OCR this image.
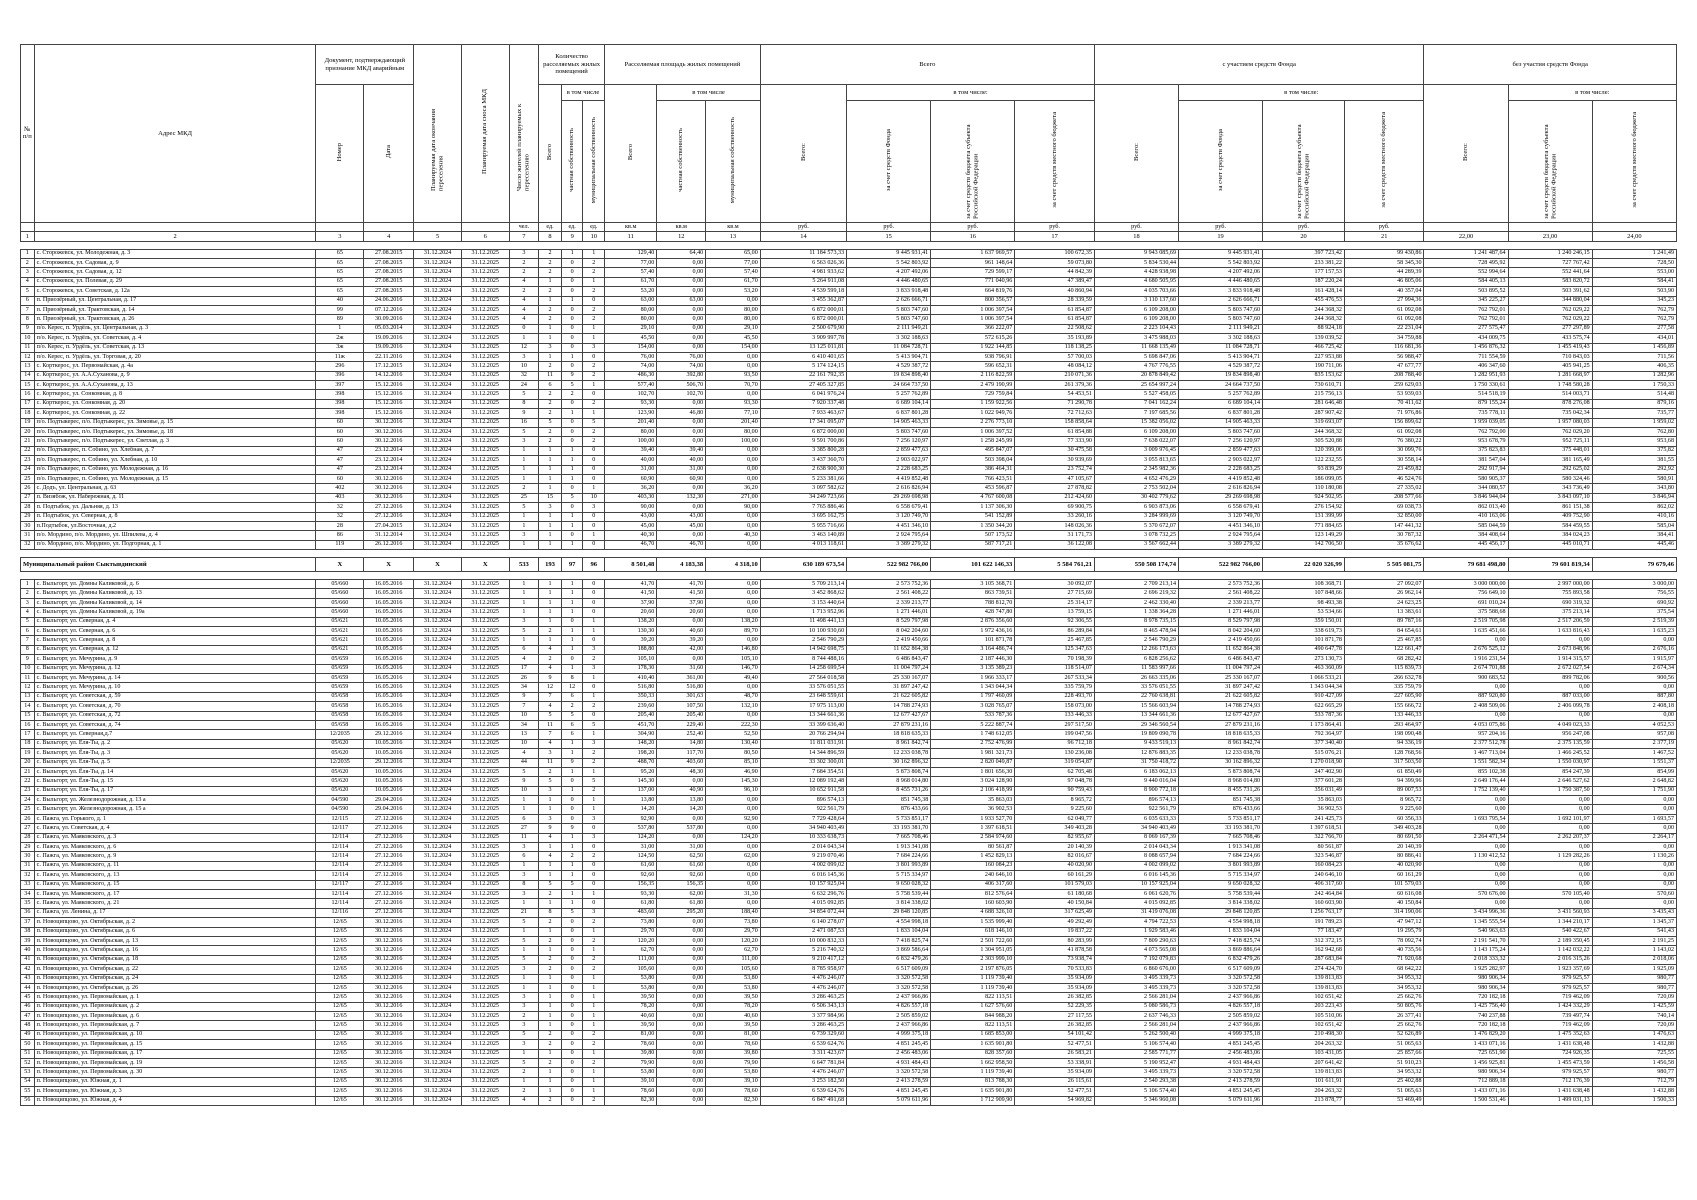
№ п/п	Адрес МКД	Документ, подтверждающий признание МКД аварийным		Планируемая дата окончания переселения	Планируемая дата сноса МКД	Число жителей планируемых к переселению	Количество расселяемых жилых помещений			Расселяемая площадь жилых помещений			Всего				с участием средств Фонда				без участия средств Фонда		
		Номер	Дата				Всего	в том числе		Всего	в том числе		Всего:	в том числе:			Всего:	в том числе:			Всего:	в том числе:	
								частная собственность	муниципальная собственность		частная собственность	муниципальная собственность		за счет средств Фонда	за счет средств бюджета субъекта Российской Федерации	за счет средств местного бюджета		за счет средств Фонда	за счет средств бюджета субъекта Российской Федерации	за счет средств местного бюджета		за счет средств бюджета субъекта Российской Федерации	за счет средств местного бюджета
						чел.	ед.	ед.	ед.	кв.м	кв.м	кв.м	руб.	руб.	руб.	руб.	руб.	руб.	руб.	руб.			
1	2	3	4	5	6	7	8	9	10	11	12	13	14	15	16	17	18	19	20	21	22,00	23,00	24,00

1	с. Сторожевск, ул. Молодежная, д. 3	65	27.08.2015	31.12.2024	31.12.2025	3	2	1	1	129,40	64,40	65,00	11 184 573,33	9 445 931,41	1 637 969,57	100 672,35	9 943 085,69	9 445 931,41	397 723,42	99 430,86	1 241 487,64	1 240 246,15	1 241,49
2	с. Сторожевск, ул. Садовая, д. 9	65	27.08.2015	31.12.2024	31.12.2025	2	2	0	2	77,00	0,00	77,00	6 563 026,36	5 542 803,92	961 148,64	59 073,80	5 834 530,44	5 542 803,92	233 381,22	58 345,30	728 495,92	727 767,42	728,50
3	с. Сторожевск, ул. Садовая, д. 12	65	27.08.2015	31.12.2024	31.12.2025	2	2	0	2	57,40	0,00	57,40	4 981 933,62	4 207 492,06	729 599,17	44 842,39	4 428 938,98	4 207 492,06	177 157,53	44 289,39	552 994,64	552 441,64	553,00
4	с. Сторожевск, ул. Полевая, д. 29	65	27.08.2015	31.12.2024	31.12.2025	4	1	0	1	61,70	0,00	61,70	5 264 911,08	4 446 480,65	771 040,96	47 389,47	4 680 505,95	4 446 480,65	187 220,24	46 805,06	584 405,13	583 820,72	584,41
5	с. Сторожевск, ул. Советская, д. 12а	65	27.08.2015	31.12.2024	31.12.2025	2	2	0	2	53,20	0,00	53,20	4 539 599,18	3 833 918,48	664 819,76	40 860,94	4 035 703,66	3 833 918,48	161 428,14	40 357,04	503 895,52	503 391,62	503,90
6	п. Приозёрный, ул. Центральная, д. 17	40	24.06.2016	31.12.2024	31.12.2025	4	1	1	0	63,00	63,00	0,00	3 455 362,87	2 626 666,71	800 356,57	28 339,59	3 110 137,60	2 626 666,71	455 476,53	27 994,36	345 225,27	344 880,04	345,23
7	п. Приозёрный, ул. Трактовская, д. 14	99	07.12.2016	31.12.2024	31.12.2025	4	2	0	2	80,00	0,00	80,00	6 872 000,01	5 803 747,60	1 006 397,54	61 854,87	6 109 208,00	5 803 747,60	244 368,32	61 092,08	762 792,01	762 029,22	762,79
8	п. Приозёрный, ул. Трактовская, д. 26	89	30.09.2016	31.12.2024	31.12.2025	4	2	0	2	80,00	0,00	80,00	6 872 000,01	5 803 747,60	1 006 397,54	61 854,87	6 109 208,00	5 803 747,60	244 368,32	61 092,08	762 792,01	762 029,22	762,79
9	п/о. Керес, п. Урдёль, ул. Центральная, д. 3	1	05.03.2014	31.12.2024	31.12.2025	0	1	0	1	29,10	0,00	29,10	2 500 679,90	2 111 949,21	366 222,07	22 508,62	2 223 104,43	2 111 949,21	88 924,18	22 231,04	277 575,47	277 297,89	277,58
10	п/о. Керес, п. Урдёль, ул. Советская, д. 4	2ж	19.09.2016	31.12.2024	31.12.2025	1	1	0	1	45,50	0,00	45,50	3 909 997,78	3 302 188,63	572 615,26	35 193,89	3 475 988,03	3 302 188,63	139 039,52	34 759,88	434 009,75	433 575,74	434,01
11	п/о. Керес, п. Урдёль, ул. Советская, д. 13	3ж	19.09.2016	31.12.2024	31.12.2025	12	3	0	3	154,00	0,00	154,00	13 125 011,81	11 084 728,71	1 922 144,85	118 138,25	11 668 135,49	11 084 728,71	466 725,42	116 681,36	1 456 876,32	1 455 419,43	1 456,89
12	п/о. Керес, п. Урдёль, ул. Торговая, д. 20	11ж	22.11.2016	31.12.2024	31.12.2025	3	1	1	0	76,00	76,00	0,00	6 410 401,65	5 413 904,71	938 796,91	57 700,03	5 698 847,06	5 413 904,71	227 953,88	56 988,47	711 554,59	710 843,03	711,56
13	с. Корткерос, ул. Первомайская, д. 4а	296	17.12.2015	31.12.2024	31.12.2025	10	2	0	2	74,00	74,00	0,00	5 174 124,15	4 529 387,72	596 652,31	48 084,12	4 767 776,55	4 529 387,72	190 711,06	47 677,77	406 347,60	405 941,25	406,35
14	с. Корткерос, ул. А.А.Суханова, д. 9	396	14.12.2016	31.12.2024	31.12.2025	32	11	9	2	486,30	392,80	93,50	22 161 792,35	19 834 898,40	2 116 822,59	210 071,36	20 878 849,42	19 834 898,40	835 153,62	208 788,40	1 282 951,93	1 281 668,97	1 282,96
15	с. Корткерос, ул. А.А.Суханова, д. 13	397	15.12.2016	31.12.2024	31.12.2025	24	6	5	1	577,40	506,70	70,70	27 405 327,85	24 664 737,50	2 479 190,99	261 379,36	25 654 997,24	24 664 737,50	730 610,71	259 629,03	1 750 330,61	1 748 580,28	1 750,33
16	с. Корткерос, ул. Сонкомная, д. 8	398	15.12.2016	31.12.2024	31.12.2025	5	2	2	0	102,70	102,70	0,00	6 041 976,24	5 257 762,89	729 759,84	54 453,51	5 527 458,05	5 257 762,89	215 756,13	53 939,03	514 518,19	514 003,71	514,48
17	с. Корткерос, ул. Сонкомная, д. 20	398	15.12.2016	31.12.2024	31.12.2025	8	2	0	2	93,30	0,00	93,30	7 920 337,48	6 689 104,14	1 159 922,56	71 290,78	7 041 162,24	6 689 104,14	281 646,48	70 411,62	879 155,24	878 276,08	879,16
18	с. Корткерос, ул. Сонкомная, д. 22	398	15.12.2016	31.12.2024	31.12.2025	9	2	1	1	123,90	46,80	77,10	7 933 463,67	6 837 801,28	1 022 949,76	72 712,63	7 197 685,56	6 837 801,28	287 907,42	71 976,86	735 778,11	735 042,34	735,77
19	п/о. Подтыкерес, п/о. Подтыкерес, ул. Зимовье, д. 15	60	30.12.2016	31.12.2024	31.12.2025	16	5	0	5	201,40	0,00	201,40	17 341 095,07	14 905 463,33	2 276 773,10	158 858,64	15 382 056,02	14 905 463,33	319 693,07	156 899,62	1 959 039,05	1 957 080,03	1 959,02
20	п/о. Подтыкерес, п/о. Подтыкерес, ул. Зимовье, д. 18	60	30.12.2016	31.12.2024	31.12.2025	5	2	0	2	80,00	0,00	80,00	6 872 000,00	5 803 747,60	1 006 397,52	61 854,88	6 109 208,00	5 803 747,60	244 368,32	61 092,08	762 792,00	762 029,20	762,80
21	п/о. Подтыкерес, п/о. Подтыкерес, ул. Светлая, д. 3	60	30.12.2016	31.12.2024	31.12.2025	3	2	0	2	100,00	0,00	100,00	9 591 700,86	7 256 120,97	1 258 245,99	77 333,90	7 638 022,07	7 256 120,97	305 520,88	76 380,22	953 678,79	952 725,11	953,68
22	п/о. Подтыкерес, п. Собино, ул. Хлебная, д. 7	47	23.12.2014	31.12.2024	31.12.2025	1	1	1	0	39,40	39,40	0,00	3 385 800,28	2 859 477,63	495 847,07	30 475,58	3 009 976,45	2 859 477,63	120 399,06	30 099,76	375 823,83	375 448,01	375,82
23	п/о. Подтыкерес, п. Собино, ул. Хлебная, д. 10	47	23.12.2014	31.12.2024	31.12.2025	1	1	1	0	40,00	40,00	0,00	3 437 360,70	2 903 022,97	503 398,04	30 939,69	3 055 813,65	2 903 022,97	122 232,55	30 558,14	381 547,04	381 165,49	381,55
24	п/о. Подтыкерес, п. Собино, ул. Молодежная, д. 16	47	23.12.2014	31.12.2024	31.12.2025	1	1	1	0	31,00	31,00	0,00	2 638 900,30	2 228 683,25	386 464,31	23 752,74	2 345 982,36	2 228 683,25	93 839,29	23 459,82	292 917,94	292 625,02	292,92
25	п/о. Подтыкерес, п. Собино, ул. Молодежная, д. 15	60	30.12.2016	31.12.2024	31.12.2025	1	1	1	0	60,90	60,90	0,00	5 233 381,66	4 419 852,48	766 423,51	47 105,67	4 652 476,29	4 419 852,48	186 099,05	46 524,76	580 905,37	580 324,46	580,91
26	с. Додъ, ул. Центральная, д. 63	402	30.12.2016	31.12.2024	31.12.2025	2	1	0	1	36,20	0,00	36,20	3 097 582,62	2 616 826,94	453 596,87	27 878,82	2 753 502,04	2 616 826,94	110 180,08	27 335,02	344 080,57	343 736,49	343,80
27	п. Визябож, ул. Набережная, д. 11	403	30.12.2016	31.12.2024	31.12.2025	25	15	5	10	403,30	132,30	271,00	34 249 723,66	29 269 698,98	4 767 600,08	212 424,60	30 402 779,62	29 269 698,98	924 502,95	208 577,66	3 846 944,04	3 843 097,10	3 846,94
28	п. Подтыбок, ул. Дальняя, д. 13	32	27.12.2016	31.12.2024	31.12.2025	5	3	0	3	90,00	0,00	90,00	7 765 886,46	6 558 679,41	1 137 306,30	69 900,75	6 903 873,06	6 558 679,41	276 154,92	69 038,73	862 013,40	861 151,38	862,02
29	п. Подтыбок, ул. Северная, д. 8	32	27.12.2016	31.12.2024	31.12.2025	1	1	1	0	43,00	43,00	0,00	3 695 162,75	3 120 749,70	541 152,89	33 260,16	3 284 999,69	3 120 749,70	131 399,99	32 850,00	410 163,06	409 752,90	410,16
30	п.Подтыбок, ул.Восточная, д.2	28	27.04.2015	31.12.2024	31.12.2025	1	1	1	0	45,00	45,00	0,00	5 955 716,66	4 451 346,10	1 350 344,20	148 026,36	5 370 672,07	4 451 346,10	771 884,65	147 441,32	585 044,59	584 459,55	585,04
31	п/о. Мордино, п/о. Мордино, ул. Шпилева, д. 4	86	31.12.2014	31.12.2024	31.12.2025	3	1	0	1	40,30	0,00	40,30	3 463 140,89	2 924 795,64	507 173,52	31 171,73	3 078 732,25	2 924 795,64	123 149,29	30 787,32	384 408,64	384 024,23	384,41
32	п/о. Мордино, п/о. Мордино, ул. Подгорная, д. 1	119	26.12.2016	31.12.2024	31.12.2025	1	1	1	0	46,70	46,70	0,00	4 013 118,61	3 389 279,32	587 717,21	36 122,08	3 567 662,44	3 389 279,32	142 706,50	35 676,62	445 456,17	445 010,71	445,46

Муниципальный район Сыктывдинский		X	X	X	X	533	193	97	96	8 501,48	4 183,38	4 318,10	630 189 673,54	522 982 766,00	101 622 146,33	5 584 761,21	550 508 174,74	522 982 766,00	22 020 326,99	5 505 081,75	79 681 498,80	79 601 819,34	79 679,46

1	с. Выльгорт, ул. Домны Каликовой, д. 6	05/660	16.05.2016	31.12.2024	31.12.2025	1	1	1	0	41,70	41,70	0,00	5 709 213,14	2 573 752,36	3 105 368,71	30 092,07	2 709 213,14	2 573 752,36	108 368,71	27 092,07	3 000 000,00	2 997 000,00	3 000,00
2	с. Выльгорт, ул. Домны Каликовой, д. 13	05/660	16.05.2016	31.12.2024	31.12.2025	1	1	1	0	41,50	41,50	0,00	3 452 868,62	2 561 408,22	863 739,51	27 715,69	2 696 219,32	2 561 408,22	107 848,66	26 962,14	756 649,10	755 893,58	756,55
3	с. Выльгорт, ул. Домны Каликовой, д. 14	05/660	16.05.2016	31.12.2024	31.12.2025	1	1	1	0	37,90	37,90	0,00	3 153 440,64	2 339 213,77	788 812,70	25 314,17	2 462 330,40	2 339 213,77	98 493,38	24 623,25	691 010,24	690 319,32	690,92
4	с. Выльгорт, ул. Домны Каликовой, д. 19а	05/660	16.05.2016	31.12.2024	31.12.2025	1	1	1	0	20,60	20,60	0,00	1 713 952,96	1 271 446,01	428 747,80	13 759,15	1 338 364,28	1 271 446,01	53 534,66	13 383,61	375 588,68	375 213,14	375,54
5	с. Выльгорт, ул. Северная, д. 4	05/621	10.05.2016	31.12.2024	31.12.2025	3	1	0	1	138,20	0,00	138,20	11 498 441,13	8 529 797,98	2 876 356,60	92 306,55	8 978 735,15	8 529 797,98	359 150,01	89 787,16	2 519 705,98	2 517 206,59	2 519,39
6	с. Выльгорт, ул. Северная, д. 6	05/621	10.05.2016	31.12.2024	31.12.2025	5	2	1	1	130,30	40,60	89,70	10 100 930,60	8 042 204,60	1 972 436,16	86 289,84	8 465 478,94	8 042 204,60	338 619,73	84 654,61	1 635 451,66	1 633 816,43	1 635,23
7	с. Выльгорт, ул. Северная, д. 8	05/621	10.05.2016	31.12.2024	31.12.2025	1	1	1	0	39,20	39,20	0,00	2 546 790,29	2 419 450,66	101 871,78	25 467,85	2 546 790,29	2 419 450,66	101 871,78	25 467,85	0,00	0,00	0,00
8	с. Выльгорт, ул. Северная, д. 12	05/621	10.05.2016	31.12.2024	31.12.2025	6	4	1	3	188,80	42,00	146,80	14 942 698,75	11 652 864,38	3 164 486,74	125 347,63	12 266 173,63	11 652 864,38	490 647,78	122 661,47	2 676 525,12	2 673 848,96	2 676,16
9	с. Выльгорт, ул. Мечурина, д. 9	05/659	16.05.2016	31.12.2024	31.12.2025	4	2	0	2	105,10	0,00	105,10	8 744 488,16	6 486 843,47	2 187 446,30	70 198,39	6 828 256,62	6 486 843,47	273 130,73	68 282,42	1 916 231,54	1 914 315,57	1 915,97
10	с. Выльгорт, ул. Мечурина, д. 12	05/659	16.05.2016	31.12.2024	31.12.2025	17	4	1	3	178,30	31,60	146,70	14 258 699,54	11 004 797,24	3 135 389,23	118 514,07	11 583 997,66	11 004 797,24	463 360,09	115 839,73	2 674 701,88	2 672 027,54	2 674,34
11	с. Выльгорт, ул. Мечурина, д. 14	05/659	16.05.2016	31.12.2024	31.12.2025	26	9	8	1	410,40	361,00	49,40	27 564 018,58	25 330 167,07	1 966 333,17	267 533,34	26 663 335,06	25 330 167,07	1 066 533,21	266 632,78	900 683,52	899 782,06	900,56
12	с. Выльгорт, ул. Мечурина, д. 10	05/659	16.05.2016	31.12.2024	31.12.2025	34	12	12	0	516,80	516,80	0,00	33 576 051,55	31 897 247,42	1 343 044,34	335 759,79	33 576 051,55	31 897 247,42	1 343 044,34	335 759,79	0,00	0,00	0,00
13	с. Выльгорт, ул. Советская, д. 59	05/658	16.05.2016	31.12.2024	31.12.2025	9	7	6	1	350,33	301,63	48,70	23 648 559,61	21 622 605,82	1 797 460,09	228 493,70	22 760 638,81	21 622 605,82	910 427,09	227 605,90	887 920,80	887 033,00	887,80
14	с. Выльгорт, ул. Советская, д. 70	05/658	16.05.2016	31.12.2024	31.12.2025	7	4	2	2	239,60	107,50	132,10	17 975 113,00	14 788 274,93	3 028 765,07	158 073,00	15 566 603,94	14 788 274,93	622 665,29	155 666,72	2 408 509,06	2 406 099,78	2 408,18
15	с. Выльгорт, ул. Советская, д. 72	05/658	16.05.2016	31.12.2024	31.12.2025	10	5	5	0	205,40	205,40	0,00	13 344 661,36	12 677 427,67	533 787,36	133 446,33	13 344 661,36	12 677 427,67	533 787,36	133 446,33	0,00	0,00	0,00
16	с. Выльгорт, ул. Советская, д. 74	05/658	16.05.2016	31.12.2024	31.12.2025	34	11	6	5	451,70	229,40	222,30	33 399 636,40	27 879 231,16	5 222 887,74	297 517,50	29 346 560,54	27 879 231,16	1 173 864,41	293 464,97	4 053 075,86	4 049 023,33	4 052,53
17	с. Выльгорт, ул. Северная,д.7	12/2035	29.12.2016	31.12.2024	31.12.2025	13	7	6	1	304,90	252,40	52,50	20 766 294,94	18 818 635,33	1 748 612,05	199 047,56	19 809 090,78	18 818 635,33	792 364,97	198 090,48	957 204,16	956 247,08	957,08
18	с. Выльгорт, ул. Ёля-Ты, д. 2	05/620	10.05.2016	31.12.2024	31.12.2025	10	4	1	3	148,20	14,80	130,40	11 811 031,91	8 961 842,74	2 752 476,99	96 712,18	9 433 519,13	8 961 842,74	377 340,40	94 336,19	2 377 512,78	2 375 135,59	2 377,19
19	с. Выльгорт, ул. Ёля-Ты, д. 3	05/620	10.05.2016	31.12.2024	31.12.2025	4	3	1	2	198,20	117,70	80,50	14 344 896,59	12 233 038,78	1 981 321,73	130 236,08	12 876 883,35	12 233 038,78	515 076,21	128 768,56	1 467 713,04	1 466 245,52	1 467,52
20	с. Выльгорт, ул. Ёля-Ты, д. 5	12/2035	29.12.2016	31.12.2024	31.12.2025	44	11	9	2	488,70	403,60	85,10	33 302 300,01	30 162 896,32	2 820 049,87	319 054,87	31 750 418,72	30 162 896,32	1 270 018,90	317 503,50	1 551 582,34	1 550 030,97	1 551,37
21	с. Выльгорт, ул. Ёля-Ты, д. 14	05/620	10.05.2016	31.12.2024	31.12.2025	5	2	1	1	95,20	48,30	46,90	7 684 354,51	5 873 808,74	1 801 656,30	62 705,48	6 183 062,13	5 873 808,74	247 402,90	61 850,49	855 102,38	854 247,39	854,99
22	с. Выльгорт, ул. Ёля-Ты, д. 15	05/620	10.05.2016	31.12.2024	31.12.2025	9	5	0	5	145,30	0,00	145,30	12 089 192,48	8 968 014,80	3 024 128,90	97 048,78	9 440 016,04	8 968 014,80	377 601,28	94 399,96	2 649 176,44	2 646 527,62	2 648,82
23	с. Выльгорт, ул. Ёля-Ты, д. 17	05/620	10.05.2016	31.12.2024	31.12.2025	10	3	1	2	137,00	40,90	96,10	10 652 911,58	8 455 731,26	2 106 418,99	90 759,43	8 900 772,18	8 455 731,26	356 031,49	89 007,53	1 752 139,40	1 750 387,50	1 751,90
24	с. Выльгорт, ул. Железнодорожная, д. 13 а	04/590	29.04.2016	31.12.2024	31.12.2025	1	1	0	1	13,80	13,80	0,00	896 574,13	851 745,38	35 863,03	8 965,72	896 574,13	851 745,38	35 863,03	8 965,72	0,00	0,00	0,00
25	с. Выльгорт, ул. Железнодорожная, д. 15 а	04/590	29.04.2016	31.12.2024	31.12.2025	1	1	0	1	14,20	14,20	0,00	922 561,79	876 433,66	36 902,53	9 225,60	922 561,79	876 433,66	36 902,53	9 225,60	0,00	0,00	0,00
26	с. Пажга, ул. Горького, д. 1	12/115	27.12.2016	31.12.2024	31.12.2025	6	3	0	3	92,90	0,00	92,90	7 729 428,64	5 733 851,17	1 933 527,70	62 049,77	6 035 633,33	5 733 851,17	241 425,73	60 356,33	1 693 795,54	1 692 101,97	1 693,57
27	с. Пажга, ул. Советская, д. 4	12/117	27.12.2016	31.12.2024	31.12.2025	27	9	9	0	537,80	537,80	0,00	34 940 403,49	33 193 381,70	1 397 618,51	349 403,28	34 940 403,49	33 193 381,70	1 397 618,51	349 403,28	0,00	0,00	0,00
28	с. Пажга, ул. Маяковского, д. 3	12/114	27.12.2016	31.12.2024	31.12.2025	11	4	1	3	124,20	0,00	124,20	10 333 638,73	7 665 708,46	2 584 974,60	82 955,67	8 069 167,39	7 665 708,46	322 766,70	80 691,50	2 264 471,54	2 262 207,37	2 264,17
29	с. Пажга, ул. Маяковского, д. 6	12/114	27.12.2016	31.12.2024	31.12.2025	3	1	1	0	31,00	31,00	0,00	2 014 043,34	1 913 341,08	80 561,87	20 140,39	2 014 043,34	1 913 341,08	80 561,87	20 140,39	0,00	0,00	0,00
30	с. Пажга, ул. Маяковского, д. 9	12/114	27.12.2016	31.12.2024	31.12.2025	6	4	2	2	124,50	62,50	62,00	9 219 070,46	7 684 224,66	1 452 829,13	82 016,67	8 088 657,94	7 684 224,66	323 546,87	80 886,41	1 130 412,52	1 129 282,26	1 130,26
31	с. Пажга, ул. Маяковского, д. 11	12/114	27.12.2016	31.12.2024	31.12.2025	1	1	1	0	61,60	61,60	0,00	4 002 099,02	3 801 993,89	160 084,23	40 020,90	4 002 099,02	3 801 993,89	160 084,23	40 020,90	0,00	0,00	0,00
32	с. Пажга, ул. Маяковского, д. 13	12/114	27.12.2016	31.12.2024	31.12.2025	3	1	1	0	92,60	92,60	0,00	6 016 145,36	5 715 334,97	240 646,10	60 161,29	6 016 145,36	5 715 334,97	240 646,10	60 161,29	0,00	0,00	0,00
33	с. Пажга, ул. Маяковского, д. 15	12/117	27.12.2016	31.12.2024	31.12.2025	8	5	5	0	156,35	156,35	0,00	10 157 925,04	9 650 028,32	406 317,60	101 579,03	10 157 925,04	9 650 028,32	406 317,60	101 579,03	0,00	0,00	0,00
34	с. Пажга, ул. Маяковского, д. 17	12/114	27.12.2016	31.12.2024	31.12.2025	3	2	1	1	93,30	62,00	31,30	6 632 296,76	5 758 539,44	812 576,64	61 180,68	6 061 620,76	5 758 539,44	242 464,84	60 616,08	570 676,00	570 105,40	570,60
35	с. Пажга, ул. Маяковского, д. 21	12/114	27.12.2016	31.12.2024	31.12.2025	1	1	1	0	61,80	61,80	0,00	4 015 092,85	3 814 338,02	160 603,90	40 150,84	4 015 092,85	3 814 338,02	160 603,90	40 150,84	0,00	0,00	0,00
36	с. Пажга, ул. Ленина, д. 17	12/116	27.12.2016	31.12.2024	31.12.2025	21	8	5	3	483,60	295,20	188,40	34 854 072,44	29 848 120,85	4 688 326,10	317 625,49	31 419 076,08	29 848 120,85	1 256 763,17	314 190,06	3 434 996,36	3 431 560,93	3 435,43
37	п. Новоципцово, ул. Октябрьская, д. 2	12/65	30.12.2016	31.12.2024	31.12.2025	5	2	0	2	73,80	0,00	73,80	6 140 278,07	4 554 998,18	1 535 999,40	49 292,49	4 794 722,53	4 554 998,18	191 789,23	47 947,12	1 345 555,54	1 344 210,17	1 345,37
38	п. Новоципцово, ул. Октябрьская, д. 6	12/65	30.12.2016	31.12.2024	31.12.2025	1	1	0	1	29,70	0,00	29,70	2 471 087,53	1 833 104,04	618 146,10	19 837,22	1 929 583,46	1 833 104,04	77 183,47	19 295,79	540 963,63	540 422,67	541,43
39	п. Новоципцово, ул. Октябрьская, д. 13	12/65	30.12.2016	31.12.2024	31.12.2025	5	2	0	2	120,20	0,00	120,20	10 000 832,33	7 418 825,74	2 501 722,60	80 283,99	7 809 290,63	7 418 825,74	312 372,15	78 092,74	2 191 541,70	2 189 350,45	2 191,25
40	п. Новоципцово, ул. Октябрьская, д. 16	12/65	30.12.2016	31.12.2024	31.12.2025	1	1	0	1	62,70	0,00	62,70	5 216 740,32	3 869 586,64	1 304 951,05	41 878,58	4 073 565,08	3 869 886,64	162 942,68	40 735,56	1 143 175,24	1 142 032,22	1 143,02
41	п. Новоципцово, ул. Октябрьская, д. 18	12/65	30.12.2016	31.12.2024	31.12.2025	5	2	0	2	111,00	0,00	111,00	9 210 417,12	6 832 479,26	2 303 999,10	73 938,74	7 192 079,83	6 832 479,26	287 683,84	71 920,68	2 018 333,32	2 016 315,26	2 018,06
42	п. Новоципцово, ул. Октябрьская, д. 22	12/65	30.12.2016	31.12.2024	31.12.2025	3	2	0	2	105,60	0,00	105,60	8 785 958,97	6 517 609,09	2 197 876,05	70 533,83	6 860 676,00	6 517 609,09	274 424,70	68 642,22	1 925 282,97	1 923 357,69	1 925,09
43	п. Новоципцово, ул. Октябрьская, д. 24	12/65	30.12.2016	31.12.2024	31.12.2025	1	1	0	1	53,80	0,00	53,80	4 476 246,07	3 320 572,58	1 119 739,40	35 934,09	3 495 339,73	3 320 572,58	139 813,83	34 953,32	980 906,34	979 925,57	980,77
44	п. Новоципцово, ул. Октябрьская, д. 26	12/65	30.12.2016	31.12.2024	31.12.2025	1	1	0	1	53,80	0,00	53,80	4 476 246,07	3 320 572,58	1 119 739,40	35 934,09	3 495 339,73	3 320 572,58	139 813,83	34 953,32	980 906,34	979 925,57	980,77
45	п. Новоципцово, ул. Первомайская, д. 1	12/65	30.12.2016	31.12.2024	31.12.2025	3	1	0	1	39,50	0,00	39,50	3 286 463,25	2 437 966,86	822 113,51	26 382,85	2 566 281,04	2 437 966,86	102 651,42	25 662,76	720 182,18	719 462,09	720,09
46	п. Новоципцово, ул. Первомайская, д. 2	12/65	30.12.2016	31.12.2024	31.12.2025	3	1	0	1	78,20	0,00	78,20	6 506 343,13	4 826 557,18	1 627 576,60	52 229,35	5 080 586,73	4 826 557,18	203 223,43	50 805,76	1 425 756,40	1 424 332,29	1 425,59
47	п. Новоципцово, ул. Первомайская, д. 6	12/65	30.12.2016	31.12.2024	31.12.2025	2	1	0	1	40,60	0,00	40,60	3 377 984,96	2 505 859,02	844 988,20	27 117,55	2 637 746,33	2 505 859,02	105 510,06	26 377,41	740 237,88	739 497,74	740,14
48	п. Новоципцово, ул. Первомайская, д. 7	12/65	30.12.2016	31.12.2024	31.12.2025	3	1	0	1	39,50	0,00	39,50	3 286 463,25	2 437 966,86	822 113,51	26 382,85	2 566 281,04	2 437 966,86	102 651,42	25 662,76	720 182,18	719 462,09	720,09
49	п. Новоципцово, ул. Первомайская, д. 10	12/65	30.12.2016	31.12.2024	31.12.2025	5	2	0	2	81,00	0,00	81,00	6 739 329,60	4 999 375,18	1 685 853,00	54 101,42	5 262 500,40	4 999 375,18	210 498,30	52 626,89	1 476 829,20	1 475 352,63	1 476,63
50	п. Новоципцово, ул. Первомайская, д. 15	12/65	30.12.2016	31.12.2024	31.12.2025	3	2	0	2	78,60	0,00	78,60	6 539 624,76	4 851 245,45	1 635 901,80	52 477,51	5 106 574,40	4 851 245,45	204 263,32	51 065,63	1 433 071,16	1 431 638,48	1 432,88
51	п. Новоципцово, ул. Первомайская, д. 17	12/65	30.12.2016	31.12.2024	31.12.2025	1	1	0	1	39,80	0,00	39,80	3 311 423,67	2 456 483,06	828 357,60	26 583,21	2 585 771,77	2 456 483,06	103 431,05	25 857,66	725 651,90	724 926,35	725,55
52	п. Новоципцово, ул. Первомайская, д. 19	12/65	30.12.2016	31.12.2024	31.12.2025	5	2	0	2	79,90	0,00	79,90	6 647 781,84	4 931 484,43	1 662 958,50	53 338,91	5 190 952,47	4 931 484,43	207 641,42	51 910,23	1 456 925,81	1 455 473,59	1 456,58
53	п. Новоципцово, ул. Первомайская, д. 30	12/65	30.12.2016	31.12.2024	31.12.2025	2	1	0	1	53,80	0,00	53,80	4 476 246,07	3 320 572,58	1 119 739,40	35 934,09	3 495 339,73	3 320 572,58	139 813,83	34 953,32	980 906,34	979 925,57	980,77
54	п. Новоципцово, ул. Южная, д. 1	12/65	30.12.2016	31.12.2024	31.12.2025	1	1	0	1	39,10	0,00	39,10	3 253 182,50	2 413 278,59	813 788,30	26 115,61	2 540 293,38	2 413 278,59	101 611,91	25 402,88	712 889,18	712 176,39	712,79
55	п. Новоципцово, ул. Южная, д. 3	12/65	30.12.2016	31.12.2024	31.12.2025	2	1	0	1	78,60	0,00	78,60	6 539 624,76	4 851 245,45	1 635 901,80	52 477,51	5 106 574,40	4 851 245,45	204 263,32	51 065,63	1 433 071,16	1 431 638,48	1 432,88
56	п. Новоципцово, ул. Южная, д. 4	12/65	30.12.2016	31.12.2024	31.12.2025	4	2	0	2	82,30	0,00	82,30	6 847 491,68	5 079 611,96	1 712 909,90	54 969,82	5 346 960,08	5 079 611,96	213 878,77	53 469,49	1 500 531,46	1 499 031,13	1 500,33
